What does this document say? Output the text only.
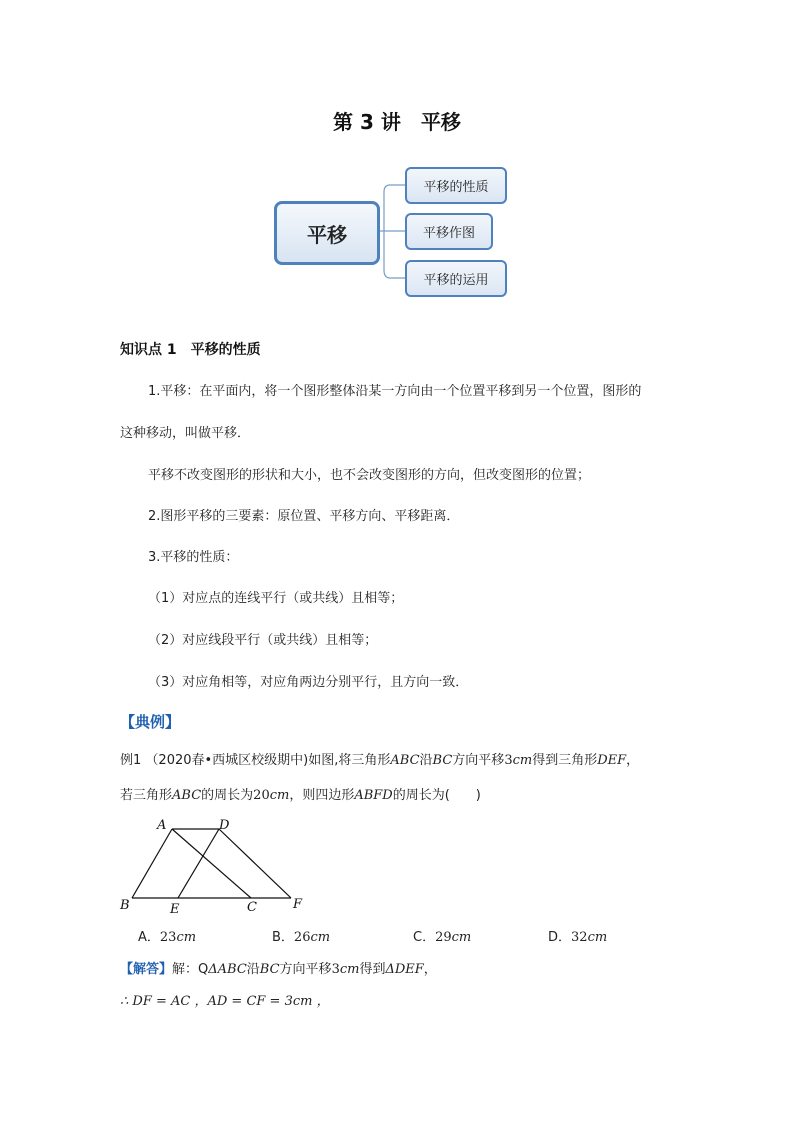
第 3 讲　平移
平移
平移的性质
平移作图
平移的运用
知识点 1　平移的性质
1.平移：在平面内，将一个图形整体沿某一方向由一个位置平移到另一个位置，图形的
这种移动，叫做平移．
平移不改变图形的形状和大小，也不会改变图形的方向，但改变图形的位置；
2.图形平移的三要素：原位置、平移方向、平移距离．
3.平移的性质：
（1）对应点的连线平行（或共线）且相等；
（2）对应线段平行（或共线）且相等；
（3）对应角相等，对应角两边分别平行，且方向一致．
【典例】
例1 （2020春•西城区校级期中)如图,将三角形ABC沿BC方向平移3cm得到三角形DEF，
若三角形ABC的周长为20cm，则四边形ABFD的周长为(　　)
A	D
B	E	C	F
A．23cm	B．26cm	C．29cm	D．32cm
【解答】解：QΔABC沿BC方向平移3cm得到ΔDEF，
∴ DF = AC ，AD = CF = 3cm ，
